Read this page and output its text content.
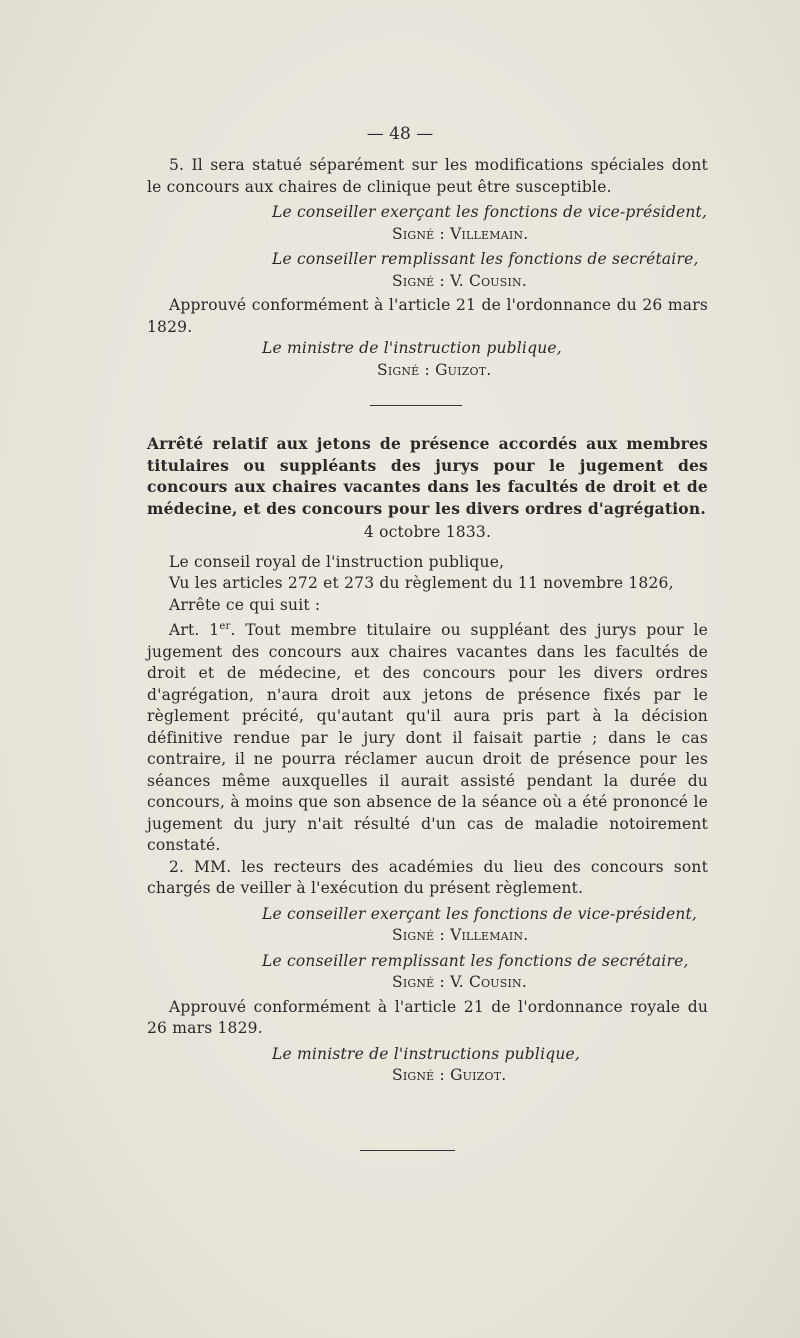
— 48 —

5. Il sera statué séparément sur les modifications spéciales dont le concours aux chaires de clinique peut être susceptible.

Le conseiller exerçant les fonctions de vice-président,

Signé : Villemain.

Le conseiller remplissant les fonctions de secrétaire,

Signé : V. Cousin.

Approuvé conformément à l'article 21 de l'ordonnance du 26 mars 1829.

Le ministre de l'instruction publique,

Signé : Guizot.

Arrêté relatif aux jetons de présence accordés aux membres titulaires ou suppléants des jurys pour le jugement des concours aux chaires vacantes dans les facultés de droit et de médecine, et des concours pour les divers ordres d'agrégation.

4 octobre 1833.

Le conseil royal de l'instruction publique,

Vu les articles 272 et 273 du règlement du 11 novembre 1826,

Arrête ce qui suit :

Art. 1er. Tout membre titulaire ou suppléant des jurys pour le jugement des concours aux chaires vacantes dans les facultés de droit et de médecine, et des concours pour les divers ordres d'agrégation, n'aura droit aux jetons de présence fixés par le règlement précité, qu'autant qu'il aura pris part à la décision définitive rendue par le jury dont il faisait partie ; dans le cas contraire, il ne pourra réclamer aucun droit de présence pour les séances même auxquelles il aurait assisté pendant la durée du concours, à moins que son absence de la séance où a été prononcé le jugement du jury n'ait résulté d'un cas de maladie notoirement constaté.

2. MM. les recteurs des académies du lieu des concours sont chargés de veiller à l'exécution du présent règlement.

Le conseiller exerçant les fonctions de vice-président,

Signé : Villemain.

Le conseiller remplissant les fonctions de secrétaire,

Signé : V. Cousin.

Approuvé conformément à l'article 21 de l'ordonnance royale du 26 mars 1829.

Le ministre de l'instructions publique,

Signé : Guizot.
